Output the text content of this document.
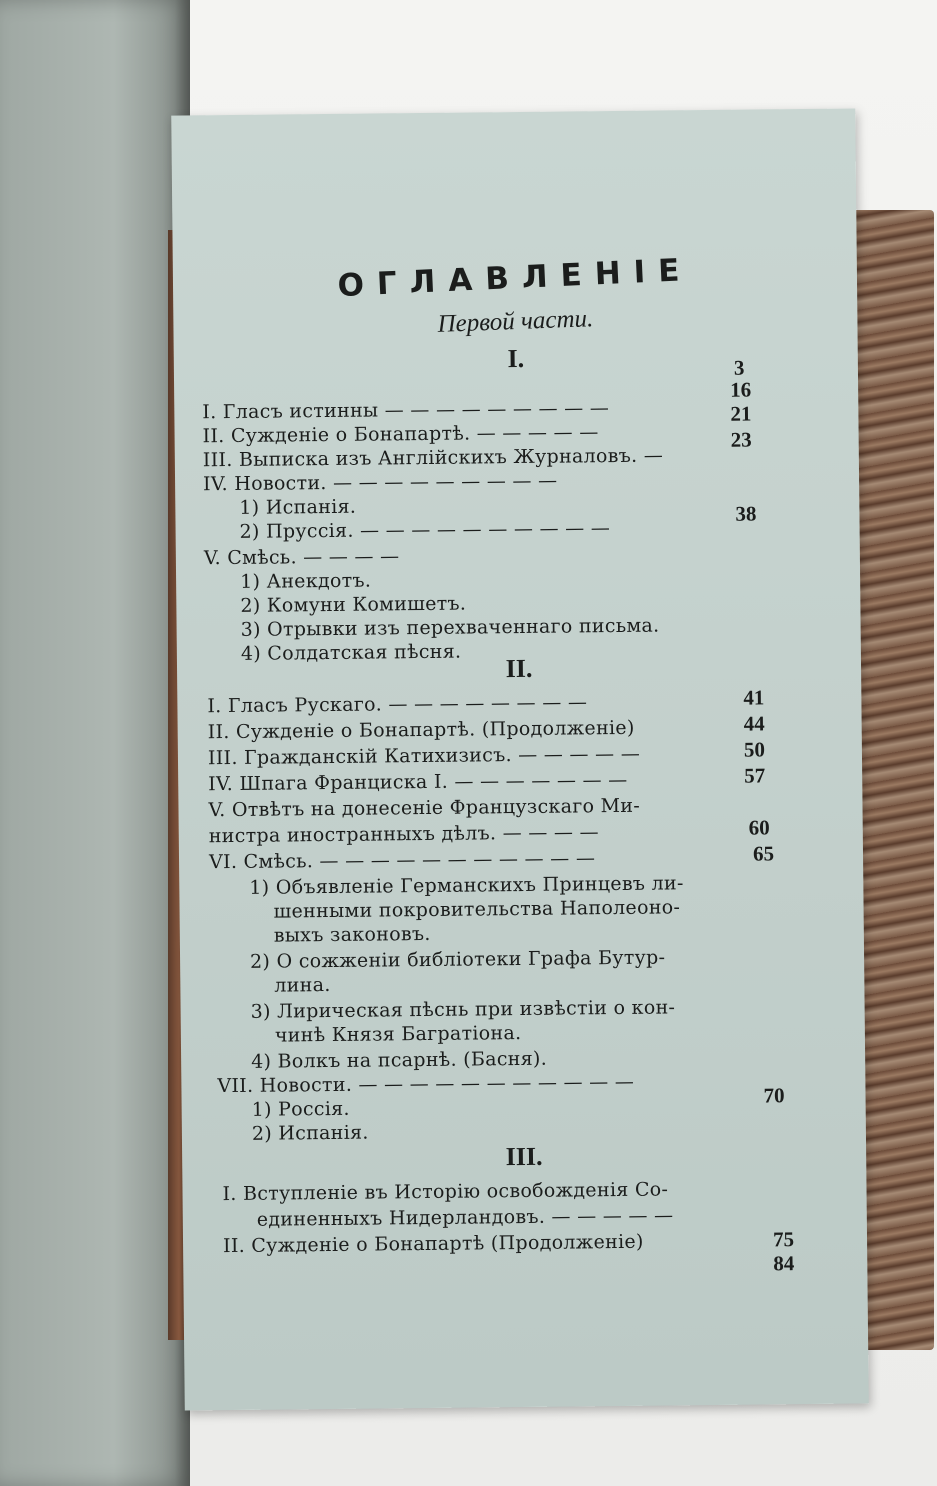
ОГЛАВЛЕНІЕ
Первой части.
I.	3
16
21
23
38
I. Гласъ истинны — — — — — — — — —
II. Сужденіе о Бонапартѣ. — — — — —
III. Выписка изъ Англійскихъ Журналовъ. —
IV. Новости. — — — — — — — — —
1) Испанія.
2) Пруссія. — — — — — — — — — —
V. Смѣсь. — — — —
1) Анекдотъ.
2) Комуни Комишетъ.
3) Отрывки изъ перехваченнаго письма.
4) Солдатская пѣсня.
II.
41
44
50
57
60
65
70
I. Гласъ Рускаго. — — — — — — — —
II. Сужденіе о Бонапартѣ. (Продолженіе)
III. Гражданскій Катихизисъ. — — — — —
IV. Шпага Франциска I. — — — — — — —
V. Отвѣтъ на донесеніе Французскаго Ми-
нистра иностранныхъ дѣлъ. — — — —
VI. Смѣсь. — — — — — — — — — — —
1) Объявленіе Германскихъ Принцевъ ли-
шенными покровительства Наполеоно-
выхъ законовъ.
2) О сожженіи библіотеки Графа Бутур-
лина.
3) Лирическая пѣснь при извѣстіи о кон-
чинѣ Князя Багратіона.
4) Волкъ на псарнѣ. (Басня).
VII. Новости. — — — — — — — — — — —
1) Россія.
2) Испанія.
III.
75
84
I. Вступленіе въ Исторію освобожденія Со-
единенныхъ Нидерландовъ. — — — — —
II. Сужденіе о Бонапартѣ (Продолженіе)
